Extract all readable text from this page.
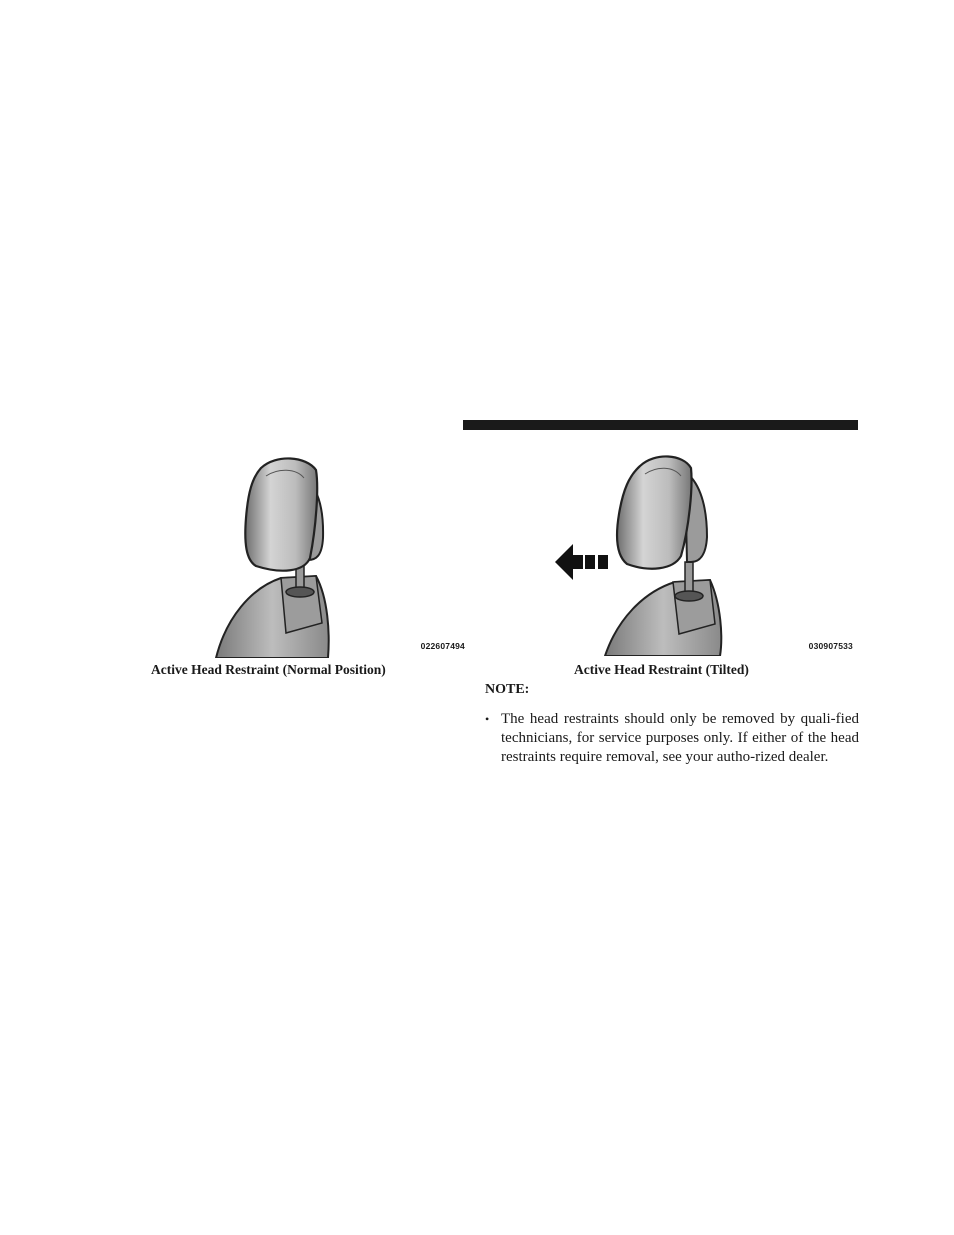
022607494	030907533
Active Head Restraint (Normal Position)	Active Head Restraint (Tilted)
NOTE:
• The head restraints should only be removed by quali-fied technicians, for service purposes only. If either of the head restraints require removal, see your autho-rized dealer.
